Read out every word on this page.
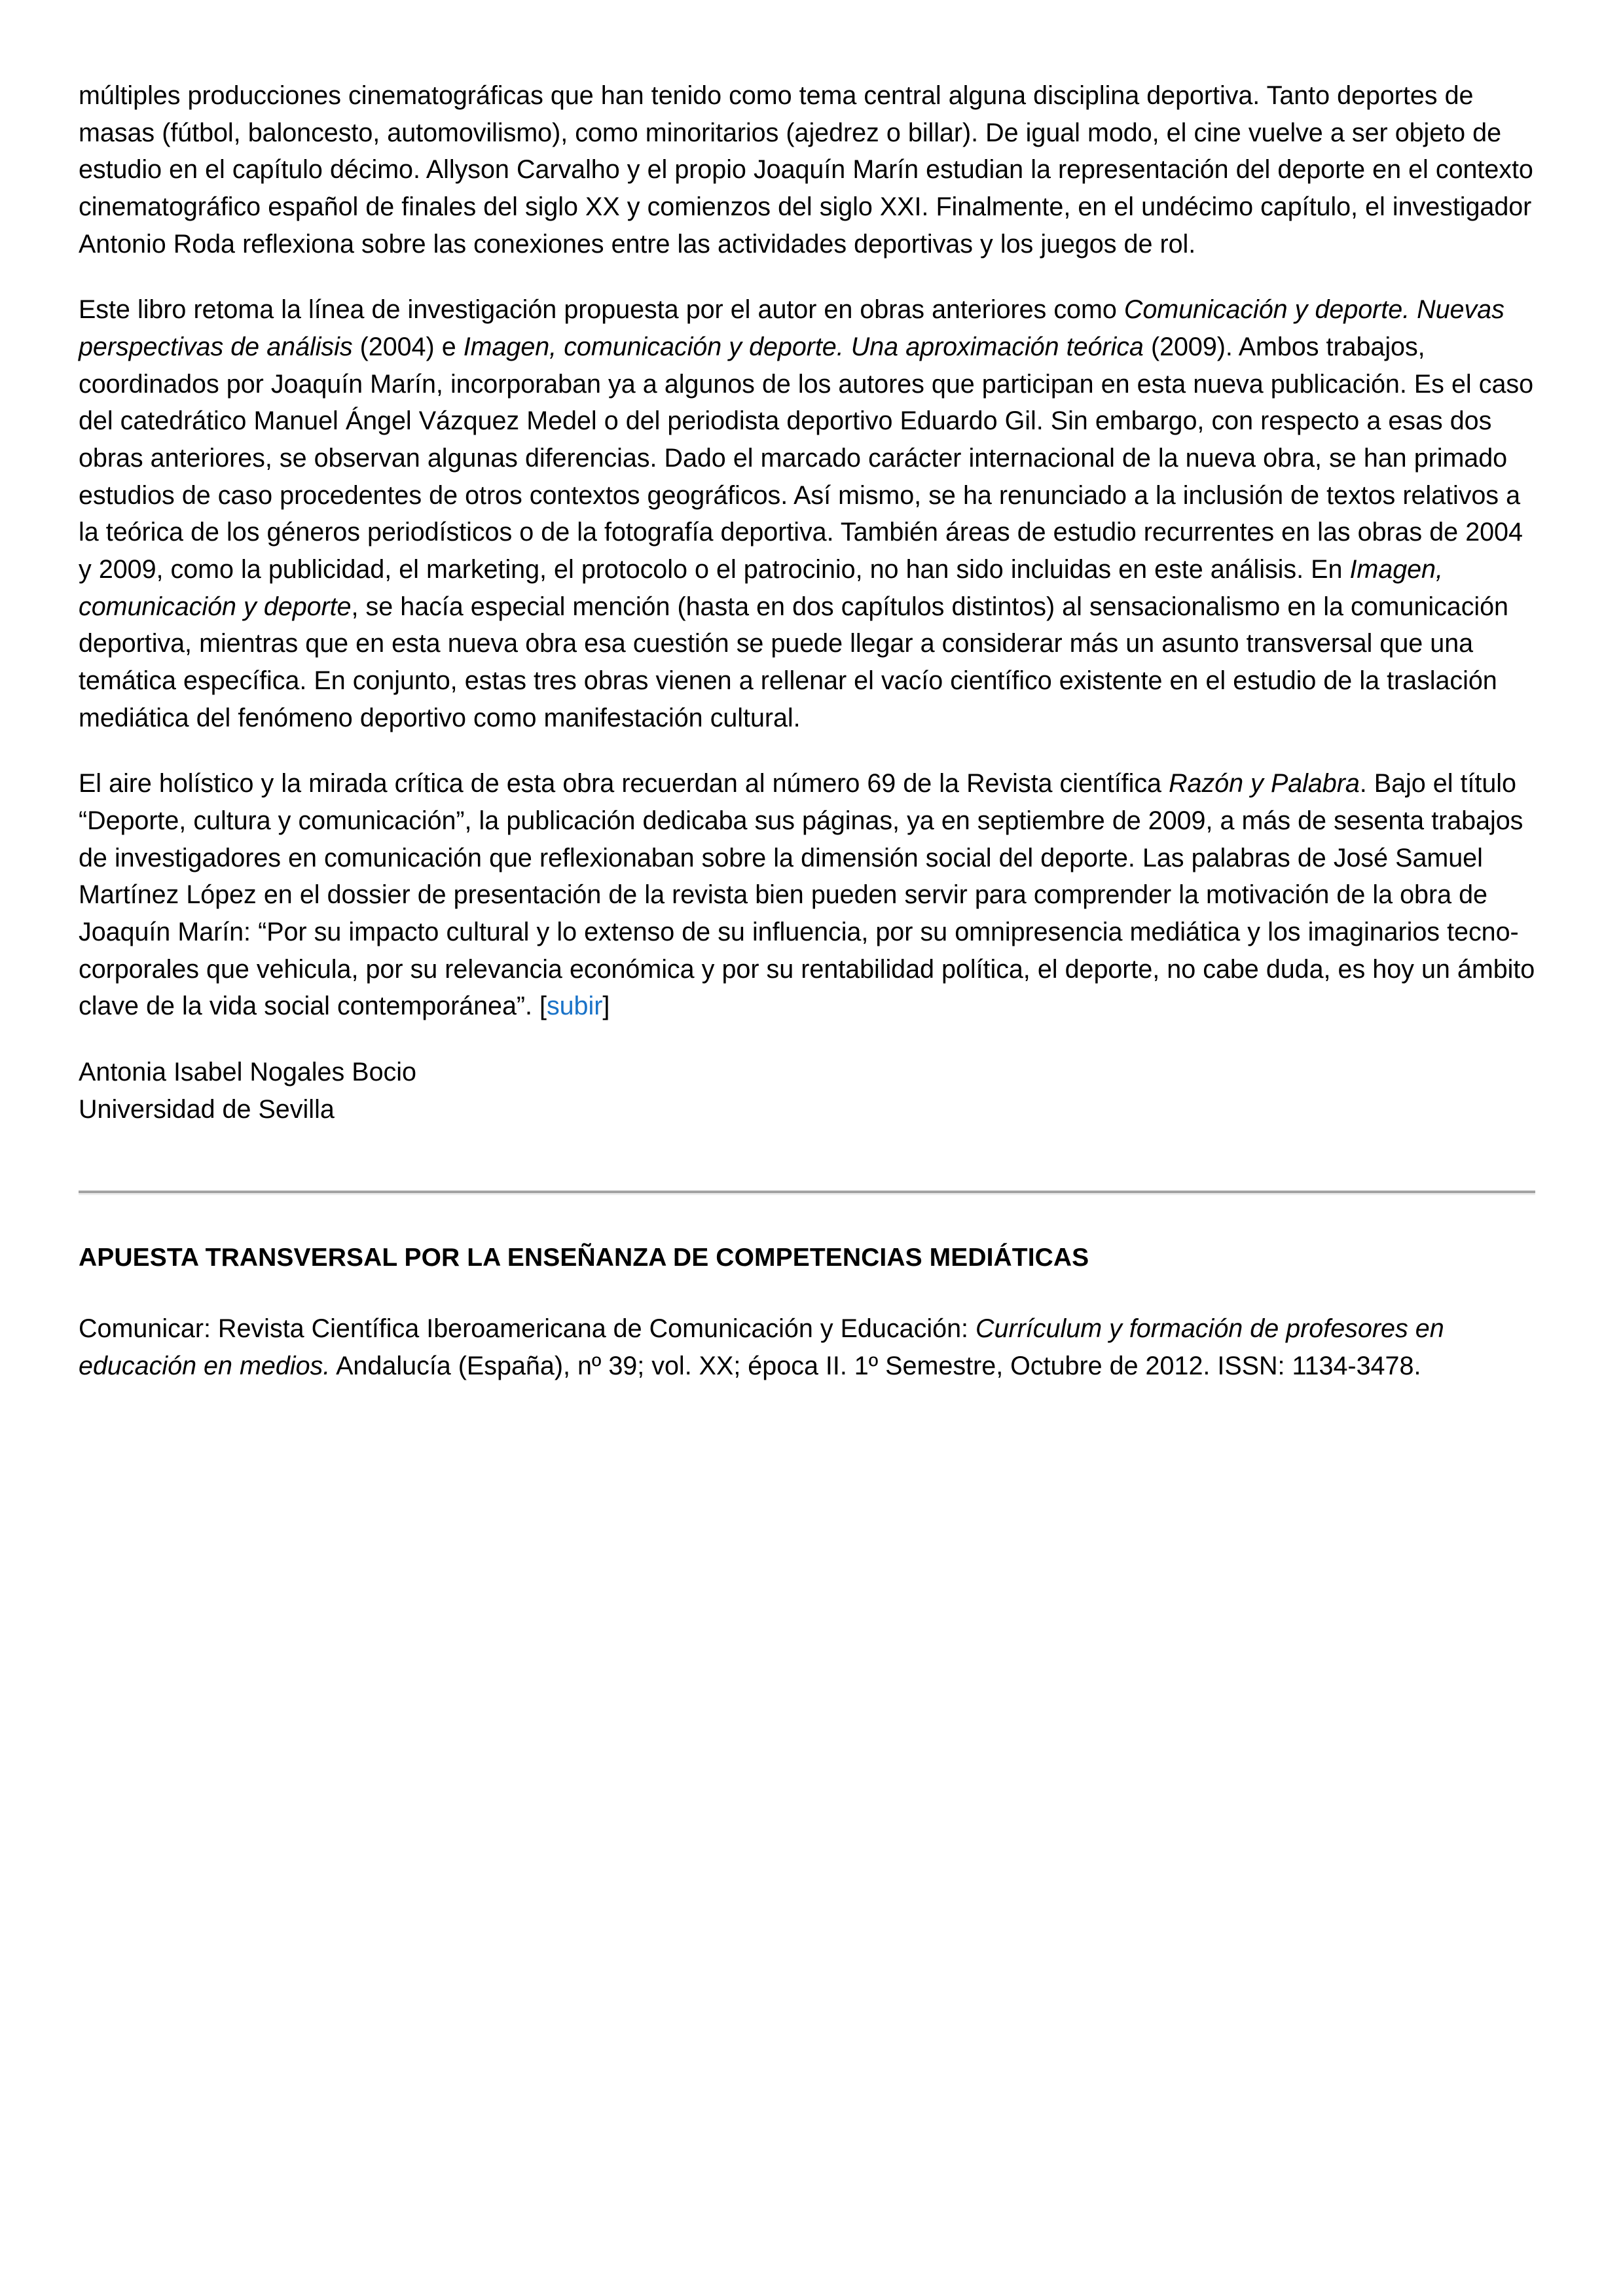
múltiples producciones cinematográficas que han tenido como tema central alguna disciplina deportiva. Tanto deportes de masas (fútbol, baloncesto, automovilismo), como minoritarios (ajedrez o billar). De igual modo, el cine vuelve a ser objeto de estudio en el capítulo décimo. Allyson Carvalho y el propio Joaquín Marín estudian la representación del deporte en el contexto cinematográfico español de finales del siglo XX y comienzos del siglo XXI. Finalmente, en el undécimo capítulo, el investigador Antonio Roda reflexiona sobre las conexiones entre las actividades deportivas y los juegos de rol.

Este libro retoma la línea de investigación propuesta por el autor en obras anteriores como Comunicación y deporte. Nuevas perspectivas de análisis (2004) e Imagen, comunicación y deporte. Una aproximación teórica (2009). Ambos trabajos, coordinados por Joaquín Marín, incorporaban ya a algunos de los autores que participan en esta nueva publicación. Es el caso del catedrático Manuel Ángel Vázquez Medel o del periodista deportivo Eduardo Gil. Sin embargo, con respecto a esas dos obras anteriores, se observan algunas diferencias. Dado el marcado carácter internacional de la nueva obra, se han primado estudios de caso procedentes de otros contextos geográficos. Así mismo, se ha renunciado a la inclusión de textos relativos a la teórica de los géneros periodísticos o de la fotografía deportiva. También áreas de estudio recurrentes en las obras de 2004 y 2009, como la publicidad, el marketing, el protocolo o el patrocinio, no han sido incluidas en este análisis. En Imagen, comunicación y deporte, se hacía especial mención (hasta en dos capítulos distintos) al sensacionalismo en la comunicación deportiva, mientras que en esta nueva obra esa cuestión se puede llegar a considerar más un asunto transversal que una temática específica. En conjunto, estas tres obras vienen a rellenar el vacío científico existente en el estudio de la traslación mediática del fenómeno deportivo como manifestación cultural.

El aire holístico y la mirada crítica de esta obra recuerdan al número 69 de la Revista científica Razón y Palabra. Bajo el título “Deporte, cultura y comunicación”, la publicación dedicaba sus páginas, ya en septiembre de 2009, a más de sesenta trabajos de investigadores en comunicación que reflexionaban sobre la dimensión social del deporte. Las palabras de José Samuel Martínez López en el dossier de presentación de la revista bien pueden servir para comprender la motivación de la obra de Joaquín Marín: “Por su impacto cultural y lo extenso de su influencia, por su omnipresencia mediática y los imaginarios tecno-corporales que vehicula, por su relevancia económica y por su rentabilidad política, el deporte, no cabe duda, es hoy un ámbito clave de la vida social contemporánea”. [subir]

Antonia Isabel Nogales Bocio
Universidad de Sevilla

APUESTA TRANSVERSAL POR LA ENSEÑANZA DE COMPETENCIAS MEDIÁTICAS

Comunicar: Revista Científica Iberoamericana de Comunicación y Educación: Currículum y formación de profesores en educación en medios. Andalucía (España), nº 39; vol. XX; época II. 1º Semestre, Octubre de 2012. ISSN: 1134-3478.
